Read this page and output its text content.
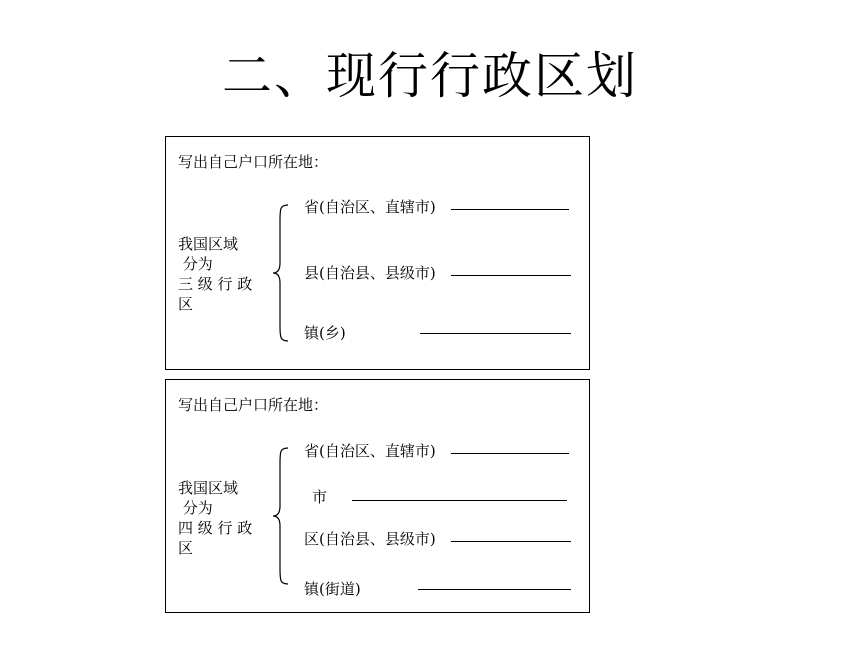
二、现行行政区划
写出自己户口所在地：
我国区域
分为
三 级 行 政
区
省(自治区、直辖市)
县(自治县、县级市)
镇(乡)
写出自己户口所在地：
我国区域
分为
四 级 行 政
区
省(自治区、直辖市)
市
区(自治县、县级市)
镇(街道)
